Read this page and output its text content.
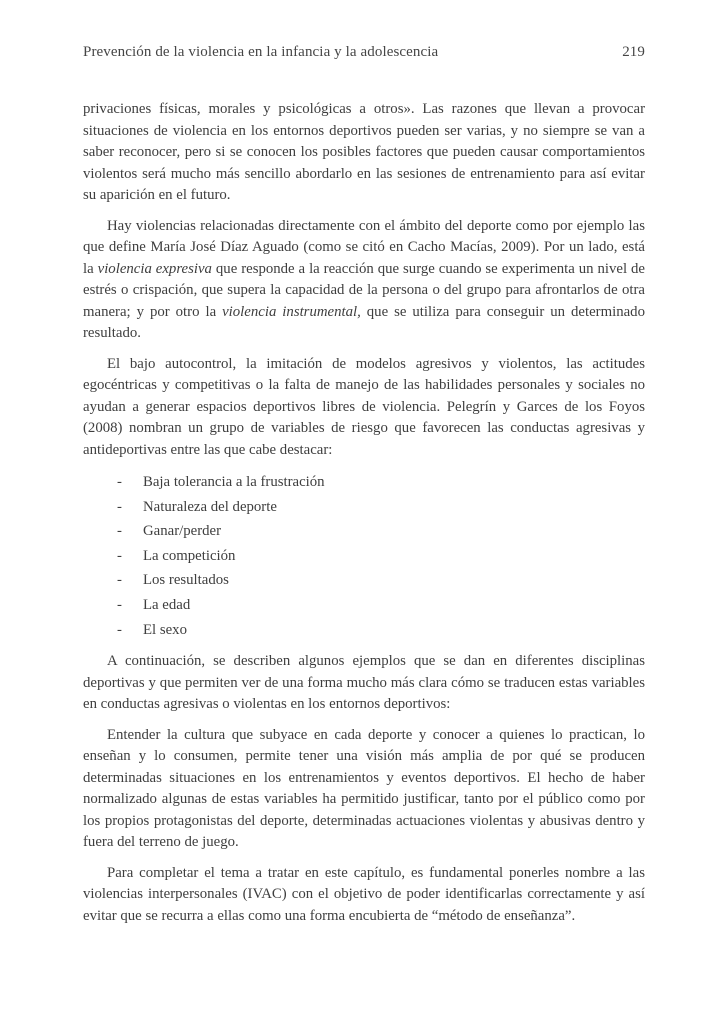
Prevención de la violencia en la infancia y la adolescencia	219

privaciones físicas, morales y psicológicas a otros». Las razones que llevan a provocar situaciones de violencia en los entornos deportivos pueden ser varias, y no siempre se van a saber reconocer, pero si se conocen los posibles factores que pueden causar comportamientos violentos será mucho más sencillo abordarlo en las sesiones de entrenamiento para así evitar su aparición en el futuro.

Hay violencias relacionadas directamente con el ámbito del deporte como por ejemplo las que define María José Díaz Aguado (como se citó en Cacho Macías, 2009). Por un lado, está la violencia expresiva que responde a la reacción que surge cuando se experimenta un nivel de estrés o crispación, que supera la capacidad de la persona o del grupo para afrontarlos de otra manera; y por otro la violencia instrumental, que se utiliza para conseguir un determinado resultado.

El bajo autocontrol, la imitación de modelos agresivos y violentos, las actitudes egocéntricas y competitivas o la falta de manejo de las habilidades personales y sociales no ayudan a generar espacios deportivos libres de violencia. Pelegrín y Garces de los Foyos (2008) nombran un grupo de variables de riesgo que favorecen las conductas agresivas y antideportivas entre las que cabe destacar:

- Baja tolerancia a la frustración
- Naturaleza del deporte
- Ganar/perder
- La competición
- Los resultados
- La edad
- El sexo

A continuación, se describen algunos ejemplos que se dan en diferentes disciplinas deportivas y que permiten ver de una forma mucho más clara cómo se traducen estas variables en conductas agresivas o violentas en los entornos deportivos:

Entender la cultura que subyace en cada deporte y conocer a quienes lo practican, lo enseñan y lo consumen, permite tener una visión más amplia de por qué se producen determinadas situaciones en los entrenamientos y eventos deportivos. El hecho de haber normalizado algunas de estas variables ha permitido justificar, tanto por el público como por los propios protagonistas del deporte, determinadas actuaciones violentas y abusivas dentro y fuera del terreno de juego.

Para completar el tema a tratar en este capítulo, es fundamental ponerles nombre a las violencias interpersonales (IVAC) con el objetivo de poder identificarlas correctamente y así evitar que se recurra a ellas como una forma encubierta de “método de enseñanza”.
